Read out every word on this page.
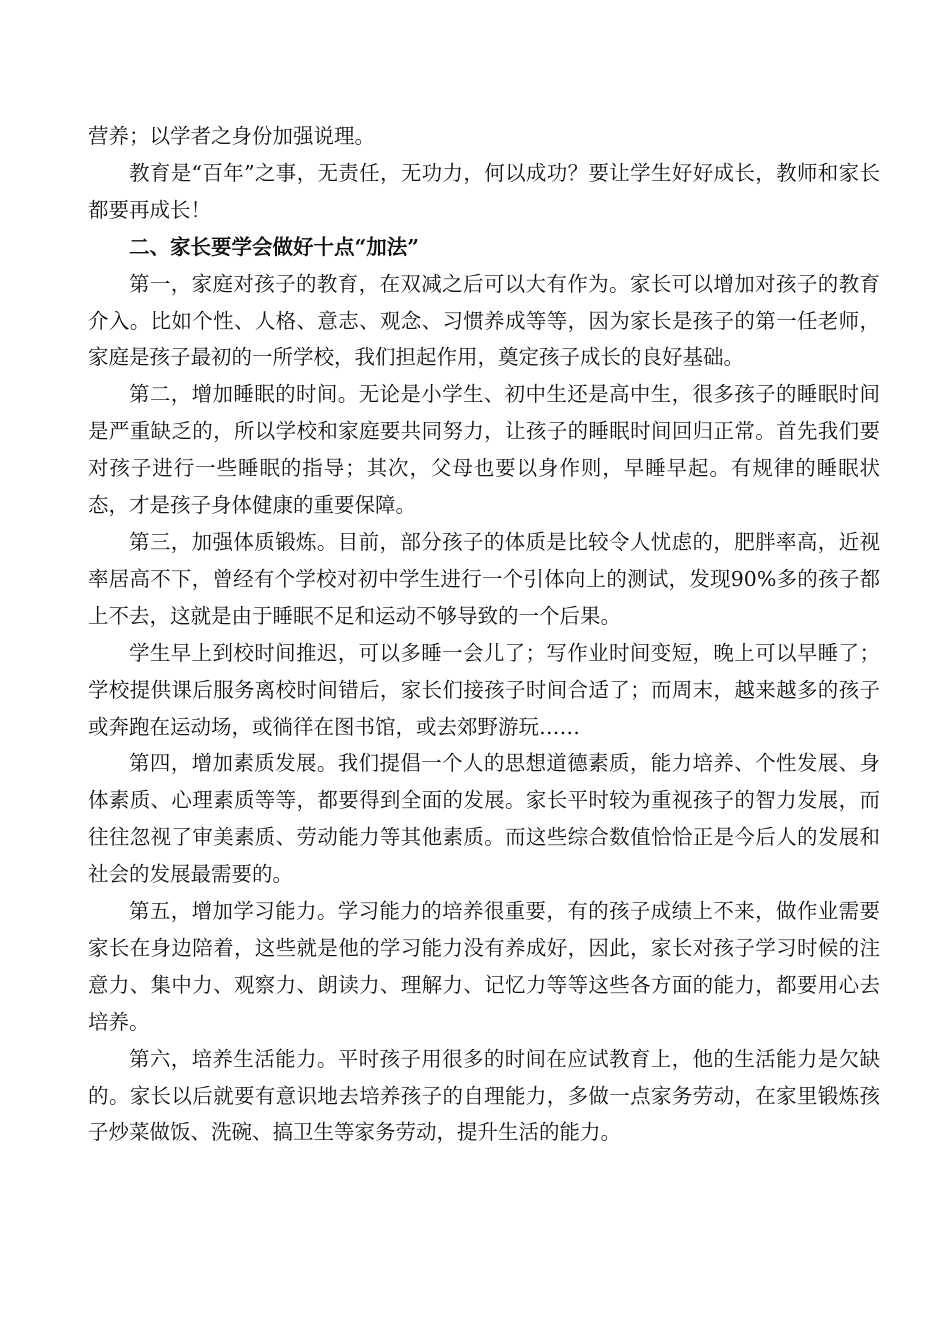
营养；以学者之身份加强说理。

教育是“百年”之事，无责任，无功力，何以成功？要让学生好好成长，教师和家长都要再成长！

二、家长要学会做好十点“加法”

第一，家庭对孩子的教育，在双减之后可以大有作为。家长可以增加对孩子的教育介入。比如个性、人格、意志、观念、习惯养成等等，因为家长是孩子的第一任老师，家庭是孩子最初的一所学校，我们担起作用，奠定孩子成长的良好基础。

第二，增加睡眠的时间。无论是小学生、初中生还是高中生，很多孩子的睡眠时间是严重缺乏的，所以学校和家庭要共同努力，让孩子的睡眠时间回归正常。首先我们要对孩子进行一些睡眠的指导；其次，父母也要以身作则，早睡早起。有规律的睡眠状态，才是孩子身体健康的重要保障。

第三，加强体质锻炼。目前，部分孩子的体质是比较令人忧虑的，肥胖率高，近视率居高不下，曾经有个学校对初中学生进行一个引体向上的测试，发现90%多的孩子都上不去，这就是由于睡眠不足和运动不够导致的一个后果。

学生早上到校时间推迟，可以多睡一会儿了；写作业时间变短，晚上可以早睡了；学校提供课后服务离校时间错后，家长们接孩子时间合适了；而周末，越来越多的孩子或奔跑在运动场，或徜徉在图书馆，或去郊野游玩……

第四，增加素质发展。我们提倡一个人的思想道德素质，能力培养、个性发展、身体素质、心理素质等等，都要得到全面的发展。家长平时较为重视孩子的智力发展，而往往忽视了审美素质、劳动能力等其他素质。而这些综合数值恰恰正是今后人的发展和社会的发展最需要的。

第五，增加学习能力。学习能力的培养很重要，有的孩子成绩上不来，做作业需要家长在身边陪着，这些就是他的学习能力没有养成好，因此，家长对孩子学习时候的注意力、集中力、观察力、朗读力、理解力、记忆力等等这些各方面的能力，都要用心去培养。

第六，培养生活能力。平时孩子用很多的时间在应试教育上，他的生活能力是欠缺的。家长以后就要有意识地去培养孩子的自理能力，多做一点家务劳动，在家里锻炼孩子炒菜做饭、洗碗、搞卫生等家务劳动，提升生活的能力。
